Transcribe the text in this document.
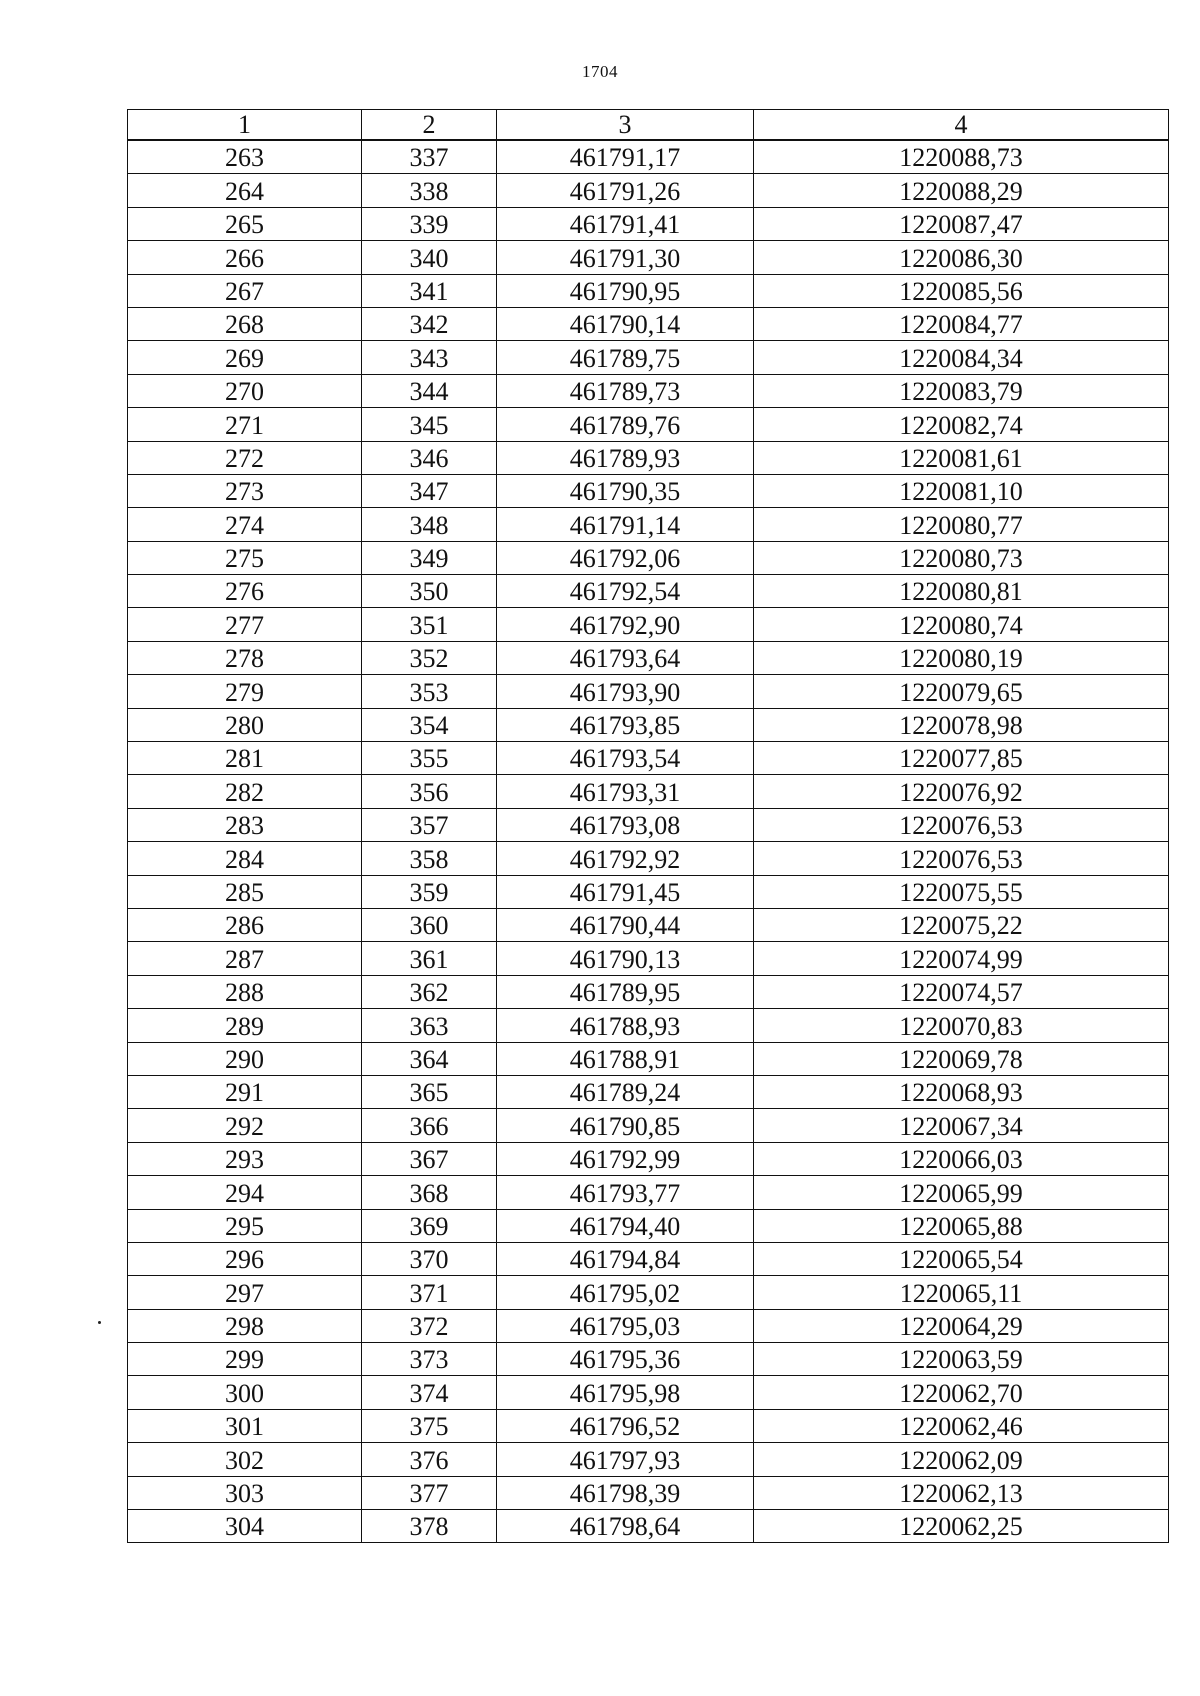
1704
1	2	3	4
263	337	461791,17	1220088,73
264	338	461791,26	1220088,29
265	339	461791,41	1220087,47
266	340	461791,30	1220086,30
267	341	461790,95	1220085,56
268	342	461790,14	1220084,77
269	343	461789,75	1220084,34
270	344	461789,73	1220083,79
271	345	461789,76	1220082,74
272	346	461789,93	1220081,61
273	347	461790,35	1220081,10
274	348	461791,14	1220080,77
275	349	461792,06	1220080,73
276	350	461792,54	1220080,81
277	351	461792,90	1220080,74
278	352	461793,64	1220080,19
279	353	461793,90	1220079,65
280	354	461793,85	1220078,98
281	355	461793,54	1220077,85
282	356	461793,31	1220076,92
283	357	461793,08	1220076,53
284	358	461792,92	1220076,53
285	359	461791,45	1220075,55
286	360	461790,44	1220075,22
287	361	461790,13	1220074,99
288	362	461789,95	1220074,57
289	363	461788,93	1220070,83
290	364	461788,91	1220069,78
291	365	461789,24	1220068,93
292	366	461790,85	1220067,34
293	367	461792,99	1220066,03
294	368	461793,77	1220065,99
295	369	461794,40	1220065,88
296	370	461794,84	1220065,54
297	371	461795,02	1220065,11
298	372	461795,03	1220064,29
299	373	461795,36	1220063,59
300	374	461795,98	1220062,70
301	375	461796,52	1220062,46
302	376	461797,93	1220062,09
303	377	461798,39	1220062,13
304	378	461798,64	1220062,25
